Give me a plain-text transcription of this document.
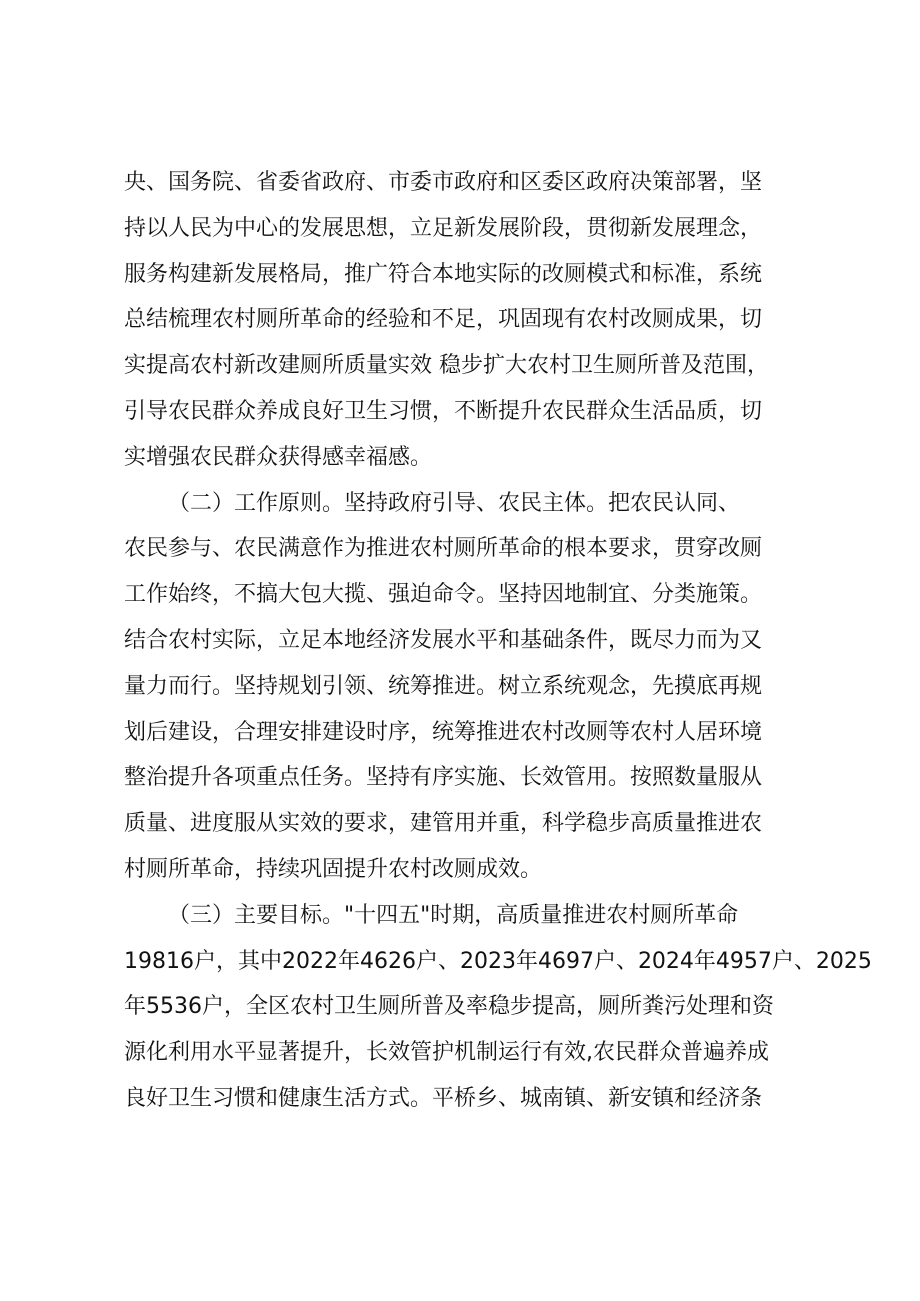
央、国务院、省委省政府、市委市政府和区委区政府决策部署，坚
持以人民为中心的发展思想，立足新发展阶段，贯彻新发展理念，
服务构建新发展格局，推广符合本地实际的改厕模式和标准，系统
总结梳理农村厕所革命的经验和不足，巩固现有农村改厕成果，切
实提高农村新改建厕所质量实效 稳步扩大农村卫生厕所普及范围，
引导农民群众养成良好卫生习惯，不断提升农民群众生活品质，切
实增强农民群众获得感幸福感。
（二）工作原则。坚持政府引导、农民主体。把农民认同、
农民参与、农民满意作为推进农村厕所革命的根本要求，贯穿改厕
工作始终，不搞大包大揽、强迫命令。坚持因地制宜、分类施策。
结合农村实际，立足本地经济发展水平和基础条件，既尽力而为又
量力而行。坚持规划引领、统筹推进。树立系统观念，先摸底再规
划后建设，合理安排建设时序，统筹推进农村改厕等农村人居环境
整治提升各项重点任务。坚持有序实施、长效管用。按照数量服从
质量、进度服从实效的要求，建管用并重，科学稳步高质量推进农
村厕所革命，持续巩固提升农村改厕成效。
（三）主要目标。"十四五"时期，高质量推进农村厕所革命
19816户，其中2022年4626户、2023年4697户、2024年4957户、2025
年5536户，全区农村卫生厕所普及率稳步提高，厕所粪污处理和资
源化利用水平显著提升，长效管护机制运行有效,农民群众普遍养成
良好卫生习惯和健康生活方式。平桥乡、城南镇、新安镇和经济条
